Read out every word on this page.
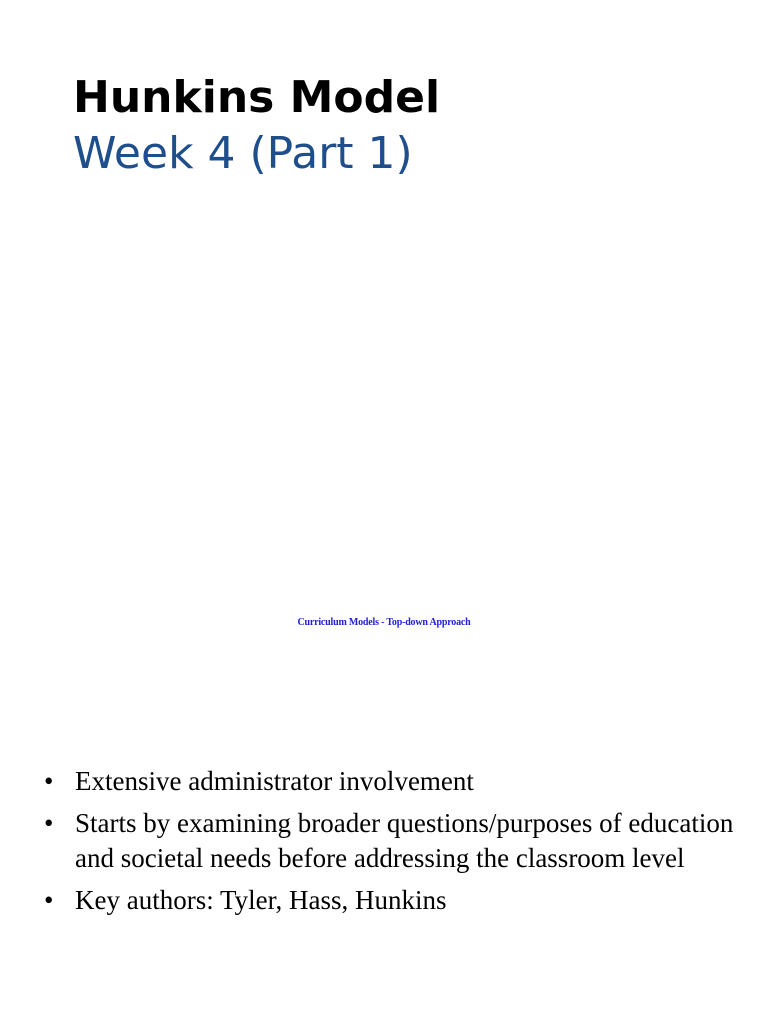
Hunkins Model
Week 4 (Part 1)
Curriculum Models - Top-down Approach
• Extensive administrator involvement
• Starts by examining broader questions/purposes of education and societal needs before addressing the classroom level
• Key authors: Tyler, Hass, Hunkins
